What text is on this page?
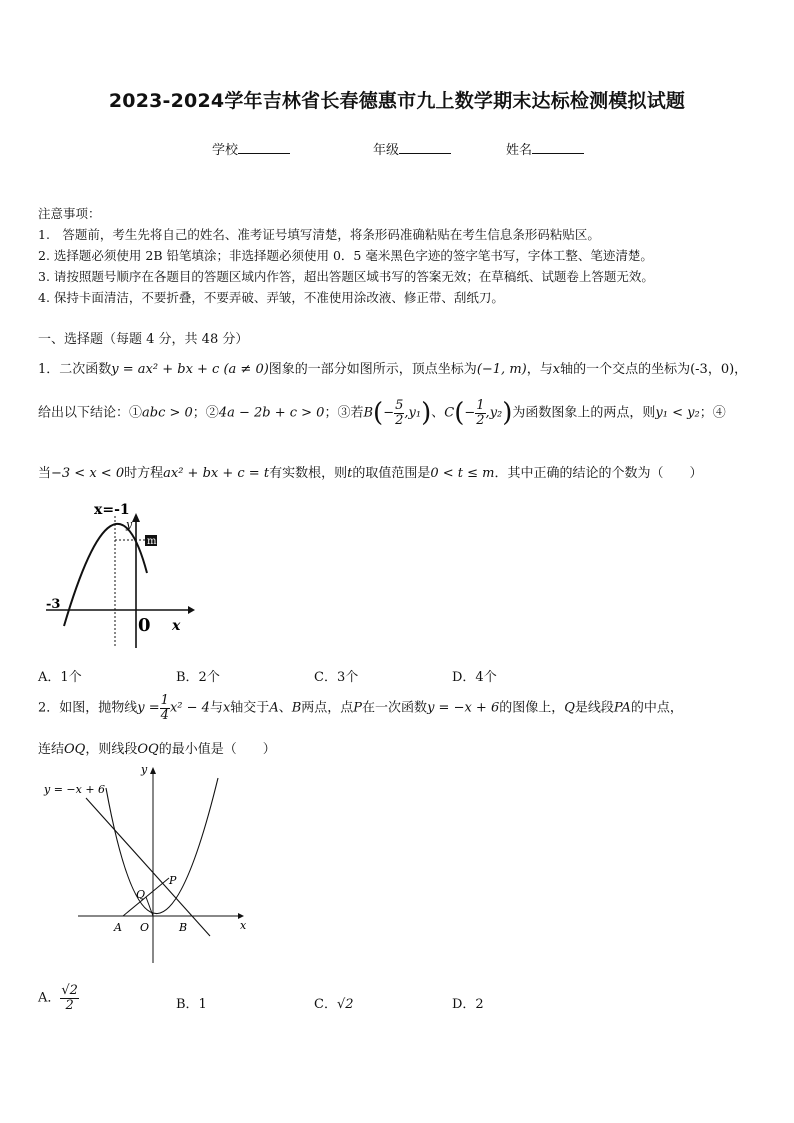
2023-2024学年吉林省长春德惠市九上数学期末达标检测模拟试题
学校	年级	姓名
注意事项：
1.　答题前，考生先将自己的姓名、准考证号填写清楚，将条形码准确粘贴在考生信息条形码粘贴区。
2. 选择题必须使用 2B 铅笔填涂；非选择题必须使用 0．5 毫米黑色字迹的签字笔书写，字体工整、笔迹清楚。
3. 请按照题号顺序在各题目的答题区域内作答，超出答题区域书写的答案无效；在草稿纸、试题卷上答题无效。
4. 保持卡面清洁，不要折叠，不要弄破、弄皱，不准使用涂改液、修正带、刮纸刀。
一、选择题（每题 4 分，共 48 分）
1．二次函数y = ax² + bx + c (a ≠ 0)图象的一部分如图所示，顶点坐标为(−1, m)，与x轴的一个交点的坐标为(-3，0)，
给出以下结论：①abc > 0；②4a − 2b + c > 0；③若$B(- \frac{5}{2} ,y_1)$、$C(- \frac{1}{2} ,y_2)$为函数图象上的两点，则y₁ < y₂；④
当−3 < x < 0时方程ax² + bx + c = t有实数根，则t的取值范围是0 < t ≤ m．其中正确的结论的个数为（　　）
x=-1
y
m
-3
0 x
A．1个	B．2个	C．3个	D．4个
2．如图，抛物线$y = \frac{1}{4} x^2 - 4$与x轴交于A、B两点，点P在一次函数y = −x + 6的图像上，Q是线段PA的中点，
连结OQ，则线段OQ的最小值是（　　）
y = −x + 6
y
x
P
Q
A O	B
A． $\frac{√2}{2}$	B．1	C．√2	D．2
